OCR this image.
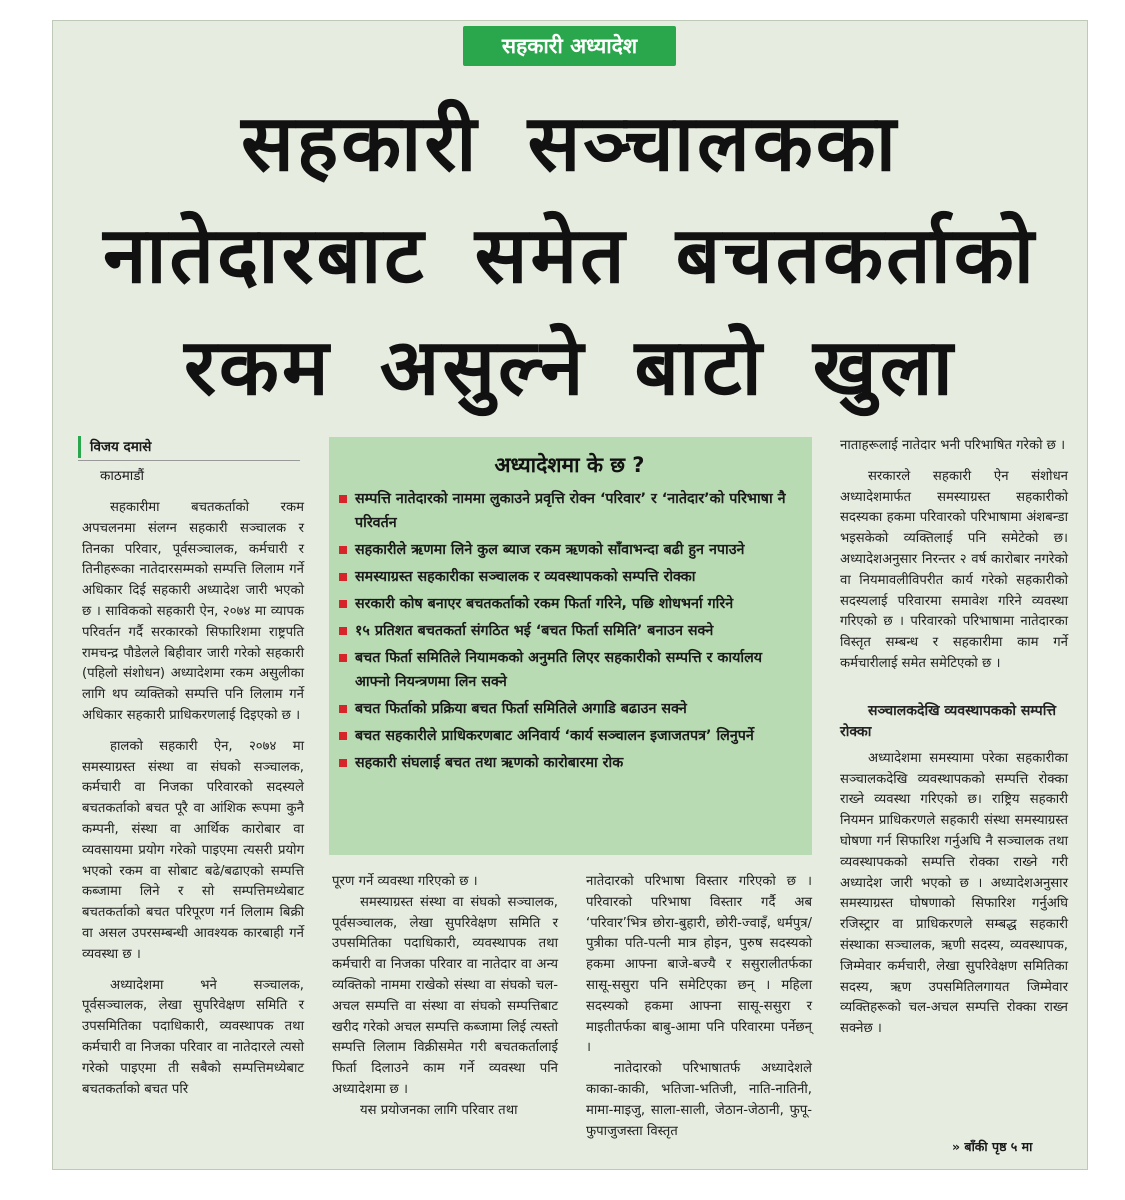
सहकारी अध्यादेश
सहकारी सञ्चालकका
नातेदारबाट समेत बचतकर्ताको
रकम असुल्ने बाटो खुला
विजय दमासे
काठमाडौं

सहकारीमा बचतकर्ताको रकम अपचलनमा संलग्न सहकारी सञ्चालक र तिनका परिवार, पूर्वसञ्चालक, कर्मचारी र तिनीहरूका नातेदारसम्मको सम्पत्ति लिलाम गर्ने अधिकार दिई सहकारी अध्यादेश जारी भएको छ । साविकको सहकारी ऐन, २०७४ मा व्यापक परिवर्तन गर्दै सरकारको सिफारिशमा राष्ट्रपति रामचन्द्र पौडेलले बिहीवार जारी गरेको सहकारी (पहिलो संशोधन) अध्यादेशमा रकम असुलीका लागि थप व्यक्तिको सम्पत्ति पनि लिलाम गर्ने अधिकार सहकारी प्राधिकरणलाई दिइएको छ ।

हालको सहकारी ऐन, २०७४ मा समस्याग्रस्त संस्था वा संघको सञ्चालक, कर्मचारी वा निजका परिवारको सदस्यले बचतकर्ताको बचत पूरै वा आंशिक रूपमा कुनै कम्पनी, संस्था वा आर्थिक कारोबार वा व्यवसायमा प्रयोग गरेको पाइएमा त्यसरी प्रयोग भएको रकम वा सोबाट बढे/बढाएको सम्पत्ति कब्जामा लिने र सो सम्पत्तिमध्येबाट बचतकर्ताको बचत परिपूरण गर्न लिलाम बिक्री वा असल उपरसम्बन्धी आवश्यक कारबाही गर्ने व्यवस्था छ ।

अध्यादेशमा भने सञ्चालक, पूर्वसञ्चालक, लेखा सुपरिवेक्षण समिति र उपसमितिका पदाधिकारी, व्यवस्थापक तथा कर्मचारी वा निजका परिवार वा नातेदारले त्यसो गरेको पाइएमा ती सबैको सम्पत्तिमध्येबाट बचतकर्ताको बचत परि

अध्यादेशमा के छ ?
सम्पत्ति नातेदारको नाममा लुकाउने प्रवृत्ति रोक्न ‘परिवार’ र ‘नातेदार’को परिभाषा नै परिवर्तन
सहकारीले ऋणमा लिने कुल ब्याज रकम ऋणको साँवाभन्दा बढी हुन नपाउने
समस्याग्रस्त सहकारीका सञ्चालक र व्यवस्थापकको सम्पत्ति रोक्का
सरकारी कोष बनाएर बचतकर्ताको रकम फिर्ता गरिने, पछि शोधभर्ना गरिने
१५ प्रतिशत बचतकर्ता संगठित भई ‘बचत फिर्ता समिति’ बनाउन सक्ने
बचत फिर्ता समितिले नियामकको अनुमति लिएर सहकारीको सम्पत्ति र कार्यालय आफ्नो नियन्त्रणमा लिन सक्ने
बचत फिर्ताको प्रक्रिया बचत फिर्ता समितिले अगाडि बढाउन सक्ने
बचत सहकारीले प्राधिकरणबाट अनिवार्य ‘कार्य सञ्चालन इजाजतपत्र’ लिनुपर्ने
सहकारी संघलाई बचत तथा ऋणको कारोबारमा रोक

पूरण गर्ने व्यवस्था गरिएको छ ।

समस्याग्रस्त संस्था वा संघको सञ्चालक, पूर्वसञ्चालक, लेखा सुपरिवेक्षण समिति र उपसमितिका पदाधिकारी, व्यवस्थापक तथा कर्मचारी वा निजका परिवार वा नातेदार वा अन्य व्यक्तिको नाममा राखेको संस्था वा संघको चल-अचल सम्पत्ति वा संस्था वा संघको सम्पत्तिबाट खरीद गरेको अचल सम्पत्ति कब्जामा लिई त्यस्तो सम्पत्ति लिलाम विक्रीसमेत गरी बचतकर्तालाई फिर्ता दिलाउने काम गर्ने व्यवस्था पनि अध्यादेशमा छ ।

यस प्रयोजनका लागि परिवार तथा

नातेदारको परिभाषा विस्तार गरिएको छ । परिवारको परिभाषा विस्तार गर्दै अब ‘परिवार’भित्र छोरा-बुहारी, छोरी-ज्वाइँ, धर्मपुत्र/पुत्रीका पति-पत्नी मात्र होइन, पुरुष सदस्यको हकमा आफ्ना बाजे-बज्यै र ससुरालीतर्फका सासू-ससुरा पनि समेटिएका छन् । महिला सदस्यको हकमा आफ्ना सासू-ससुरा र माइतीतर्फका बाबु-आमा पनि परिवारमा पर्नेछन् ।

नातेदारको परिभाषातर्फ अध्यादेशले काका-काकी, भतिजा-भतिजी, नाति-नातिनी, मामा-माइजु, साला-साली, जेठान-जेठानी, फुपू-फुपाजुजस्ता विस्तृत

नाताहरूलाई नातेदार भनी परिभाषित गरेको छ ।

सरकारले सहकारी ऐन संशोधन अध्यादेशमार्फत समस्याग्रस्त सहकारीको सदस्यका हकमा परिवारको परिभाषामा अंशबन्डा भइसकेको व्यक्तिलाई पनि समेटेको छ। अध्यादेशअनुसार निरन्तर २ वर्ष कारोबार नगरेको वा नियमावलीविपरीत कार्य गरेको सहकारीको सदस्यलाई परिवारमा समावेश गरिने व्यवस्था गरिएको छ । परिवारको परिभाषामा नातेदारका विस्तृत सम्बन्ध र सहकारीमा काम गर्ने कर्मचारीलाई समेत समेटिएको छ ।

सञ्चालकदेखि व्यवस्थापकको सम्पत्ति रोक्का

अध्यादेशमा समस्यामा परेका सहकारीका सञ्चालकदेखि व्यवस्थापकको सम्पत्ति रोक्का राख्ने व्यवस्था गरिएको छ। राष्ट्रिय सहकारी नियमन प्राधिकरणले सहकारी संस्था समस्याग्रस्त घोषणा गर्न सिफारिश गर्नुअघि नै सञ्चालक तथा व्यवस्थापकको सम्पत्ति रोक्का राख्ने गरी अध्यादेश जारी भएको छ । अध्यादेशअनुसार समस्याग्रस्त घोषणाको सिफारिश गर्नुअघि रजिस्ट्रार वा प्राधिकरणले सम्बद्ध सहकारी संस्थाका सञ्चालक, ऋणी सदस्य, व्यवस्थापक, जिम्मेवार कर्मचारी, लेखा सुपरिवेक्षण समितिका सदस्य, ऋण उपसमितिलगायत जिम्मेवार व्यक्तिहरूको चल-अचल सम्पत्ति रोक्का राख्न सक्नेछ ।

» बाँकी पृष्ठ ५ मा
